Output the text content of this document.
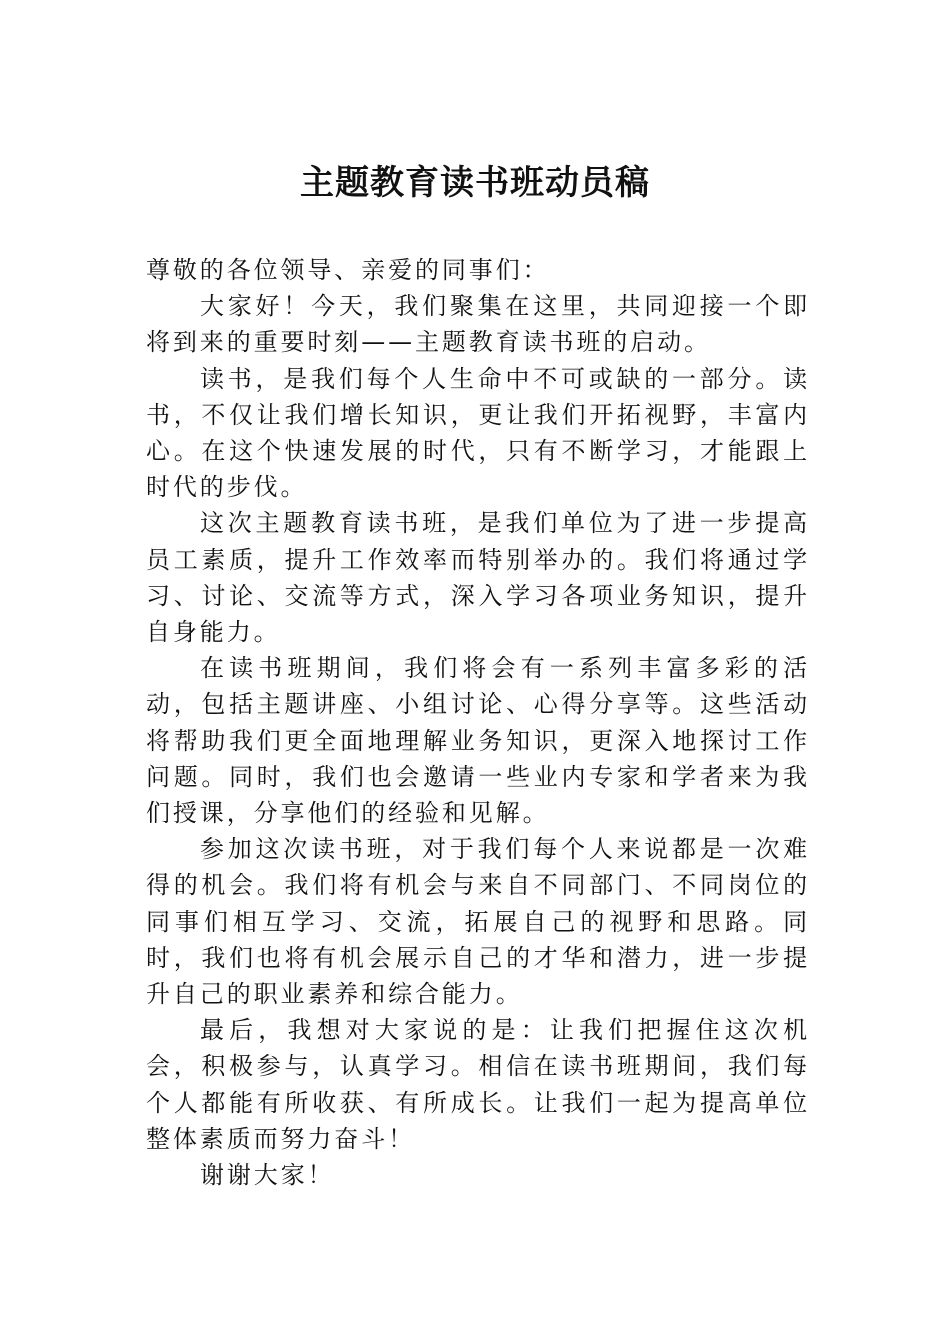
主题教育读书班动员稿

尊敬的各位领导、亲爱的同事们：

大家好！今天，我们聚集在这里，共同迎接一个即将到来的重要时刻——主题教育读书班的启动。

读书，是我们每个人生命中不可或缺的一部分。读书，不仅让我们增长知识，更让我们开拓视野，丰富内心。在这个快速发展的时代，只有不断学习，才能跟上时代的步伐。

这次主题教育读书班，是我们单位为了进一步提高员工素质，提升工作效率而特别举办的。我们将通过学习、讨论、交流等方式，深入学习各项业务知识，提升自身能力。

在读书班期间，我们将会有一系列丰富多彩的活动，包括主题讲座、小组讨论、心得分享等。这些活动将帮助我们更全面地理解业务知识，更深入地探讨工作问题。同时，我们也会邀请一些业内专家和学者来为我们授课，分享他们的经验和见解。

参加这次读书班，对于我们每个人来说都是一次难得的机会。我们将有机会与来自不同部门、不同岗位的同事们相互学习、交流，拓展自己的视野和思路。同时，我们也将有机会展示自己的才华和潜力，进一步提升自己的职业素养和综合能力。

最后，我想对大家说的是：让我们把握住这次机会，积极参与，认真学习。相信在读书班期间，我们每个人都能有所收获、有所成长。让我们一起为提高单位整体素质而努力奋斗！

谢谢大家！
